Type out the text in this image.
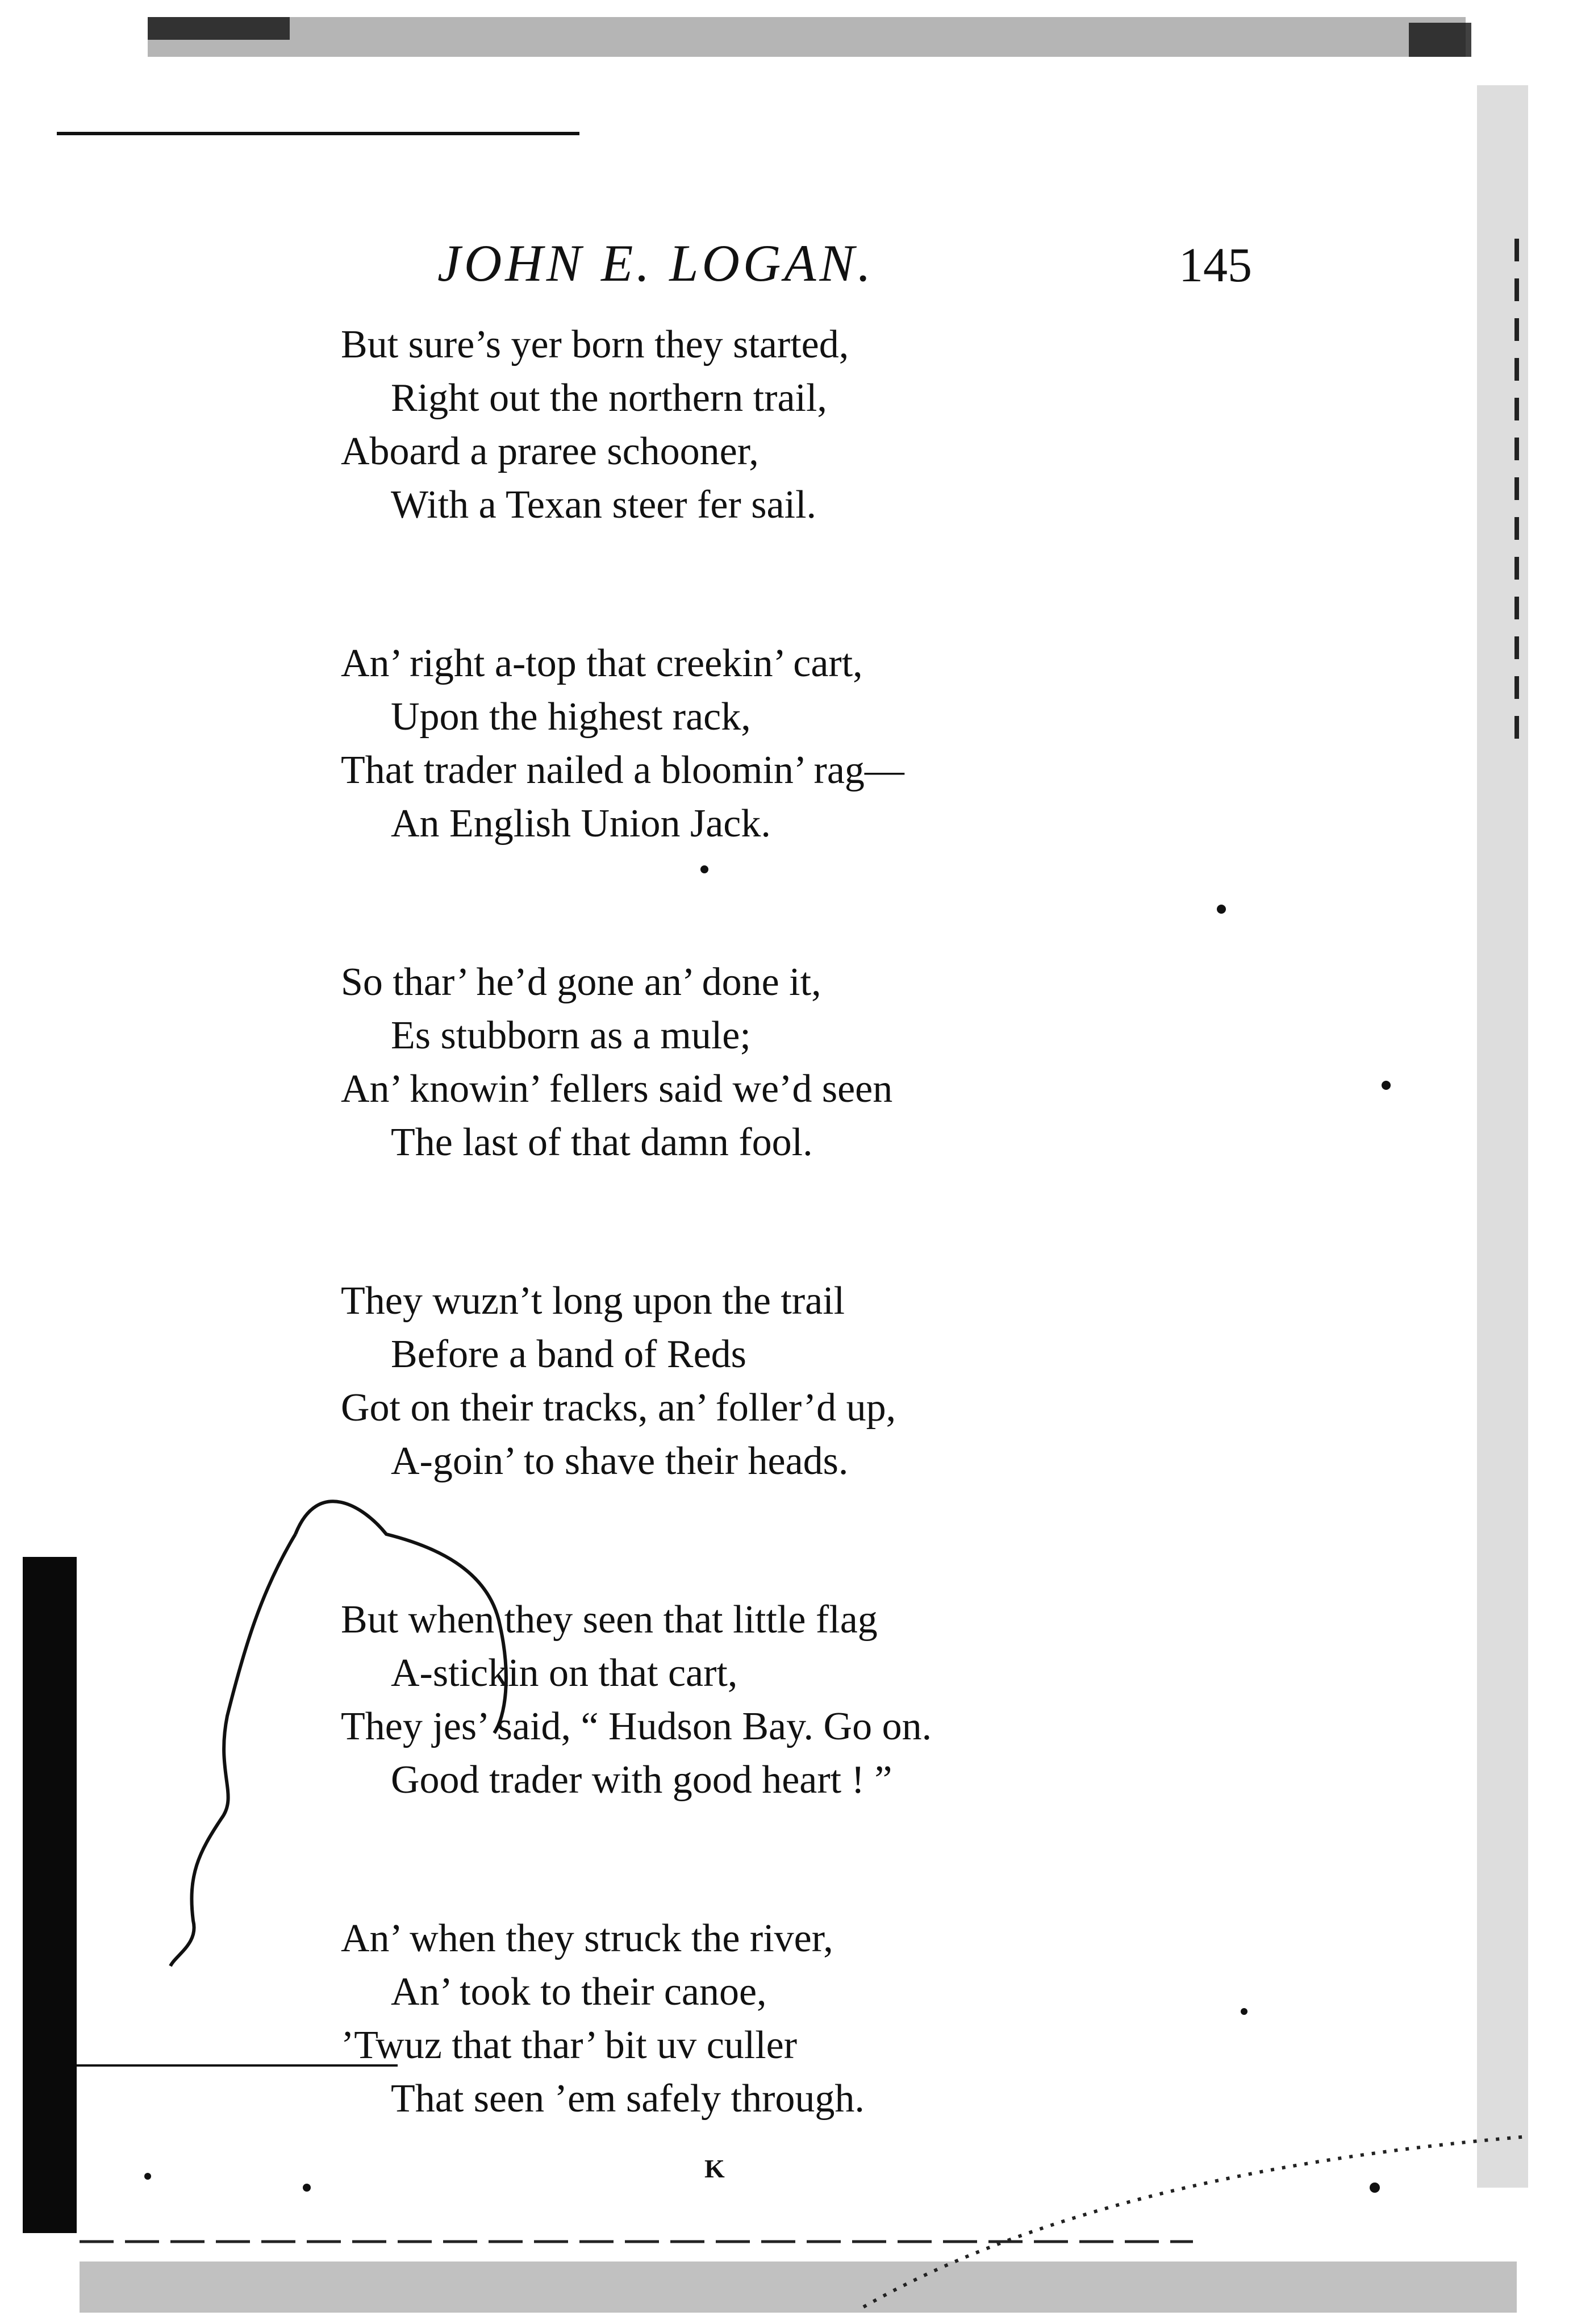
JOHN E. LOGAN.	145
But sure’s yer born they started,
Right out the northern trail,
Aboard a praree schooner,
With a Texan steer fer sail.
An’ right a-top that creekin’ cart,
Upon the highest rack,
That trader nailed a bloomin’ rag—
An English Union Jack.
So thar’ he’d gone an’ done it,
Es stubborn as a mule;
An’ knowin’ fellers said we’d seen
The last of that damn fool.
They wuzn’t long upon the trail
Before a band of Reds
Got on their tracks, an’ foller’d up,
A-goin’ to shave their heads.
But when they seen that little flag
A-stickin on that cart,
They jes’ said, “ Hudson Bay. Go on.
Good trader with good heart ! ”
An’ when they struck the river,
An’ took to their canoe,
’Twuz that thar’ bit uv culler
That seen ’em safely through.
K
